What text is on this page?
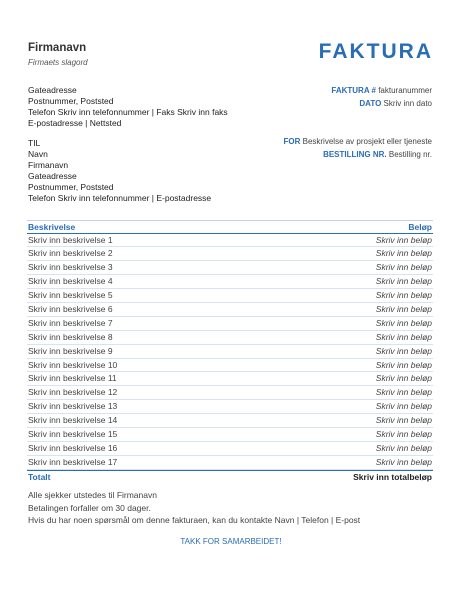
Firmanavn
Firmaets slagord	FAKTURA
Gateadresse
Postnummer, Poststed
Telefon Skriv inn telefonnummer | Faks Skriv inn faks
E-postadresse | Nettsted
FAKTURA # fakturanummer
DATO Skriv inn dato
TIL
Navn
Firmanavn
Gateadresse
Postnummer, Poststed
Telefon Skriv inn telefonnummer | E-postadresse
FOR Beskrivelse av prosjekt eller tjeneste
BESTILLING NR. Bestilling nr.
Beskrivelse	Beløp
Skriv inn beskrivelse 1	Skriv inn beløp
Skriv inn beskrivelse 2	Skriv inn beløp
Skriv inn beskrivelse 3	Skriv inn beløp
Skriv inn beskrivelse 4	Skriv inn beløp
Skriv inn beskrivelse 5	Skriv inn beløp
Skriv inn beskrivelse 6	Skriv inn beløp
Skriv inn beskrivelse 7	Skriv inn beløp
Skriv inn beskrivelse 8	Skriv inn beløp
Skriv inn beskrivelse 9	Skriv inn beløp
Skriv inn beskrivelse 10	Skriv inn beløp
Skriv inn beskrivelse 11	Skriv inn beløp
Skriv inn beskrivelse 12	Skriv inn beløp
Skriv inn beskrivelse 13	Skriv inn beløp
Skriv inn beskrivelse 14	Skriv inn beløp
Skriv inn beskrivelse 15	Skriv inn beløp
Skriv inn beskrivelse 16	Skriv inn beløp
Skriv inn beskrivelse 17	Skriv inn beløp
Totalt	Skriv inn totalbeløp
Alle sjekker utstedes til Firmanavn
Betalingen forfaller om 30 dager.
Hvis du har noen spørsmål om denne fakturaen, kan du kontakte Navn | Telefon | E-post
TAKK FOR SAMARBEIDET!
